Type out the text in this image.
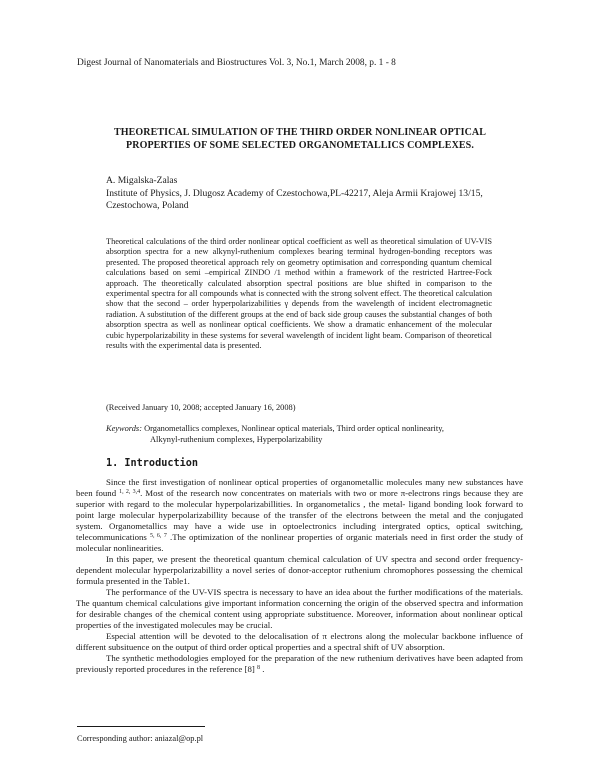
Digest Journal of Nanomaterials and Biostructures Vol. 3, No.1, March 2008, p. 1 - 8
THEORETICAL SIMULATION OF THE THIRD ORDER NONLINEAR OPTICAL
PROPERTIES OF SOME SELECTED ORGANOMETALLICS COMPLEXES.
A. Migalska-Zalas
Institute of Physics, J. Dlugosz Academy of Czestochowa,PL-42217, Aleja Armii Krajowej 13/15, Czestochowa, Poland
Theoretical calculations of the third order nonlinear optical coefficient as well as theoretical simulation of UV-VIS absorption spectra for a new alkynyl-ruthenium complexes bearing terminal hydrogen-bonding receptors was presented. The proposed theoretical approach rely on geometry optimisation and corresponding quantum chemical calculations based on semi –empirical ZINDO /1 method within a framework of the restricted Hartree-Fock approach. The theoretically calculated absorption spectral positions are blue shifted in comparison to the experimental spectra for all compounds what is connected with the strong solvent effect. The theoretical calculation show that the second – order hyperpolarizabilities γ depends from the wavelength of incident electromagnetic radiation. A substitution of the different groups at the end of back side group causes the substantial changes of both absorption spectra as well as nonlinear optical coefficients. We show a dramatic enhancement of the molecular cubic hyperpolarizability in these systems for several wavelength of incident light beam. Comparison of theoretical results with the experimental data is presented.
(Received January 10, 2008; accepted January 16, 2008)
Keywords: Organometallics complexes, Nonlinear optical materials, Third order optical nonlinearity,
Alkynyl-ruthenium complexes, Hyperpolarizability
1. Introduction

Since the first investigation of nonlinear optical properties of organometallic molecules many new substances have been found $^{1, 2, 3,4}$. Most of the research now concentrates on materials with two or more π-electrons rings because they are superior with regard to the molecular hyperpolarizabillities. In organometalics , the metal- ligand bonding look forward to point large molecular hyperpolarizabillity because of the transfer of the electrons between the metal and the conjugated system. Organometallics may have a wide use in optoelectronics including intergrated optics, optical switching, telecommunications $^{5, 6, 7}$ .The optimization of the nonlinear properties of organic materials need in first order the study of molecular nonlinearities.

In this paper, we present the theoretical quantum chemical calculation of UV spectra and second order frequency-dependent molecular hyperpolarizabillity a novel series of donor-acceptor ruthenium chromophores possessing the chemical formula presented in the Table1.

The performance of the UV-VIS spectra is necessary to have an idea about the further modifications of the materials. The quantum chemical calculations give important information concerning the origin of the observed spectra and information for desirable changes of the chemical content using appropriate substituence. Moreover, information about nonlinear optical properties of the investigated molecules may be crucial.

Especial attention will be devoted to the delocalisation of π electrons along the molecular backbone influence of different subsituence on the output of third order optical properties and a spectral shift of UV absorption.

The synthetic methodologies employed for the preparation of the new ruthenium derivatives have been adapted from previously reported procedures in the reference [8] $^8$ .

Corresponding author: aniazal@op.pl
